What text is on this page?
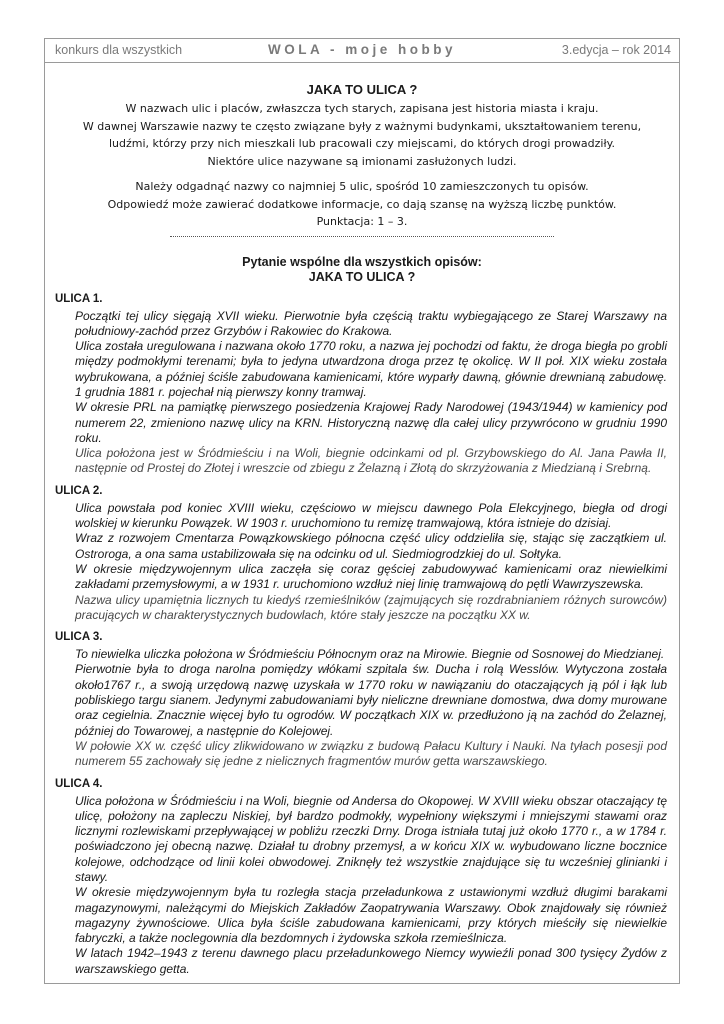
konkurs dla wszystkich	WOLA - moje hobby	3.edycja – rok 2014
JAKA TO ULICA ?

W nazwach ulic i placów, zwłaszcza tych starych, zapisana jest historia miasta i kraju.

W dawnej Warszawie nazwy te często związane były z ważnymi budynkami, ukształtowaniem terenu,

ludźmi, którzy przy nich mieszkali lub pracowali czy miejscami, do których drogi prowadziły.

Niektóre ulice nazywane są imionami zasłużonych ludzi.

Należy odgadnąć nazwy co najmniej 5 ulic, spośród 10 zamieszczonych tu opisów.

Odpowiedź może zawierać dodatkowe informacje, co dają szansę na wyższą liczbę punktów.

Punktacja: 1 – 3.

Pytanie wspólne dla wszystkich opisów:

JAKA TO ULICA ?

ULICA 1.

Początki tej ulicy sięgają XVII wieku. Pierwotnie była częścią traktu wybiegającego ze Starej Warszawy na południowy-zachód przez Grzybów i Rakowiec do Krakowa.

Ulica została uregulowana i nazwana około 1770 roku, a nazwa jej pochodzi od faktu, że droga biegła po grobli między podmokłymi terenami; była to jedyna utwardzona droga przez tę okolicę. W II poł. XIX wieku została wybrukowana, a później ściśle zabudowana kamienicami, które wyparły dawną, głównie drewnianą zabudowę. 1 grudnia 1881 r. pojechał nią pierwszy konny tramwaj.

W okresie PRL na pamiątkę pierwszego posiedzenia Krajowej Rady Narodowej (1943/1944) w kamienicy pod numerem 22, zmieniono nazwę ulicy na KRN. Historyczną nazwę dla całej ulicy przywrócono w grudniu 1990 roku.

Ulica położona jest w Śródmieściu i na Woli, biegnie odcinkami od pl. Grzybowskiego do Al. Jana Pawła II, następnie od Prostej do Złotej i wreszcie od zbiegu z Żelazną i Złotą do skrzyżowania z Miedzianą i Srebrną.

ULICA 2.

Ulica powstała pod koniec XVIII wieku, częściowo w miejscu dawnego Pola Elekcyjnego, biegła od drogi wolskiej w kierunku Powązek. W 1903 r. uruchomiono tu remizę tramwajową, która istnieje do dzisiaj.

Wraz z rozwojem Cmentarza Powązkowskiego północna część ulicy oddzieliła się, stając się zaczątkiem ul. Ostroroga, a ona sama ustabilizowała się na odcinku od ul. Siedmiogrodzkiej do ul. Sołtyka.

W okresie międzywojennym ulica zaczęła się coraz gęściej zabudowywać kamienicami oraz niewielkimi zakładami przemysłowymi, a w 1931 r. uruchomiono wzdłuż niej linię tramwajową do pętli Wawrzyszewska.

Nazwa ulicy upamiętnia licznych tu kiedyś rzemieślników (zajmujących się rozdrabnianiem różnych surowców) pracujących w charakterystycznych budowlach, które stały jeszcze na początku XX w.

ULICA 3.

To niewielka uliczka położona w Śródmieściu Północnym oraz na Mirowie. Biegnie od Sosnowej do Miedzianej.

Pierwotnie była to droga narolna pomiędzy włókami szpitala św. Ducha i rolą Wesslów. Wytyczona została około1767 r., a swoją urzędową nazwę uzyskała w 1770 roku w nawiązaniu do otaczających ją pól i łąk lub pobliskiego targu sianem. Jedynymi zabudowaniami były nieliczne drewniane domostwa, dwa domy murowane oraz cegielnia. Znacznie więcej było tu ogrodów. W początkach XIX w. przedłużono ją na zachód do Żelaznej, później do Towarowej, a następnie do Kolejowej.

W połowie XX w. część ulicy zlikwidowano w związku z budową Pałacu Kultury i Nauki. Na tyłach posesji pod numerem 55 zachowały się jedne z nielicznych fragmentów murów getta warszawskiego.

ULICA 4.

Ulica położona w Śródmieściu i na Woli, biegnie od Andersa do Okopowej. W XVIII wieku obszar otaczający tę ulicę, położony na zapleczu Niskiej, był bardzo podmokły, wypełniony większymi i mniejszymi stawami oraz licznymi rozlewiskami przepływającej w pobliżu rzeczki Drny. Droga istniała tutaj już około 1770 r., a w 1784 r. poświadczono jej obecną nazwę. Działał tu drobny przemysł, a w końcu XIX w. wybudowano liczne bocznice kolejowe, odchodzące od linii kolei obwodowej. Zniknęły też wszystkie znajdujące się tu wcześniej glinianki i stawy.

W okresie międzywojennym była tu rozległa stacja przeładunkowa z ustawionymi wzdłuż długimi barakami magazynowymi, należącymi do Miejskich Zakładów Zaopatrywania Warszawy. Obok znajdowały się również magazyny żywnościowe. Ulica była ściśle zabudowana kamienicami, przy których mieściły się niewielkie fabryczki, a także noclegownia dla bezdomnych i żydowska szkoła rzemieślnicza.

W latach 1942–1943 z terenu dawnego placu przeładunkowego Niemcy wywieźli ponad 300 tysięcy Żydów z warszawskiego getta.
